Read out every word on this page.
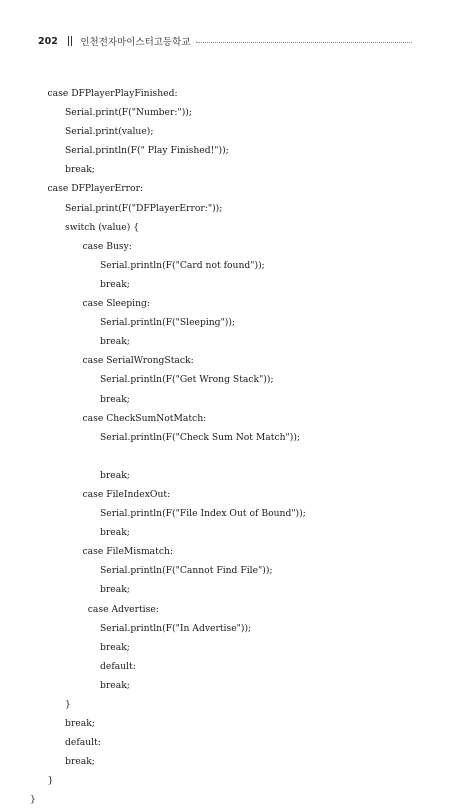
202 인천전자마이스터고등학교
case DFPlayerPlayFinished:
Serial.print(F("Number:"));
Serial.print(value);
Serial.println(F(" Play Finished!"));
break;
case DFPlayerError:
Serial.print(F("DFPlayerError:"));
switch (value) {
case Busy:
Serial.println(F("Card not found"));
break;
case Sleeping:
Serial.println(F("Sleeping"));
break;
case SerialWrongStack:
Serial.println(F("Get Wrong Stack"));
break;
case CheckSumNotMatch:
Serial.println(F("Check Sum Not Match"));
break;
case FileIndexOut:
Serial.println(F("File Index Out of Bound"));
break;
case FileMismatch:
Serial.println(F("Cannot Find File"));
break;
case Advertise:
Serial.println(F("In Advertise"));
break;
default:
break;
}
break;
default:
break;
}
}
